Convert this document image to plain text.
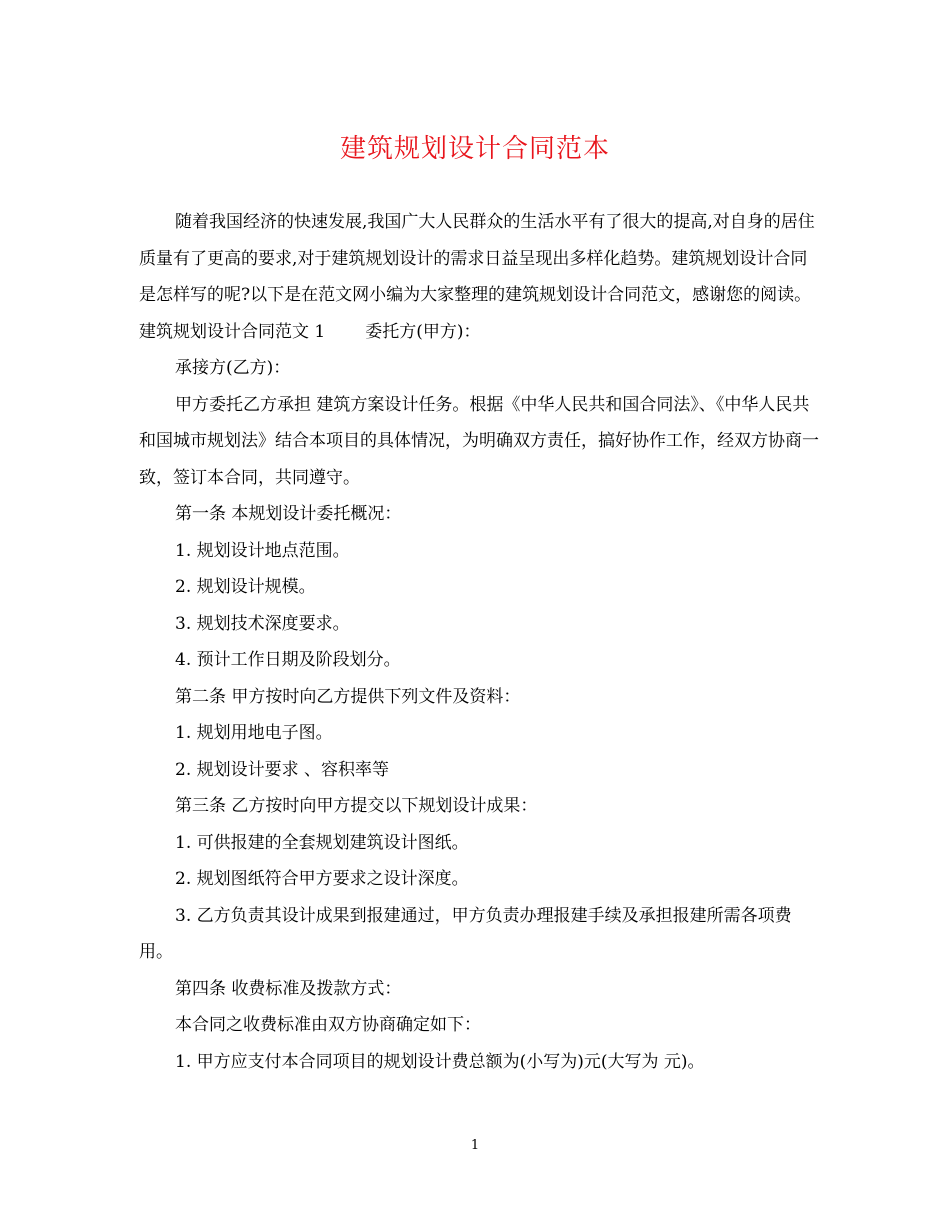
建筑规划设计合同范本

随着我国经济的快速发展,我国广大人民群众的生活水平有了很大的提高,对自身的居住质量有了更高的要求,对于建筑规划设计的需求日益呈现出多样化趋势。建筑规划设计合同是怎样写的呢?以下是在范文网小编为大家整理的建筑规划设计合同范文，感谢您的阅读。

建筑规划设计合同范文 1 委托方(甲方)：

承接方(乙方)：

甲方委托乙方承担 建筑方案设计任务。根据《中华人民共和国合同法》、《中华人民共和国城市规划法》结合本项目的具体情况，为明确双方责任，搞好协作工作，经双方协商一致，签订本合同，共同遵守。

第一条 本规划设计委托概况：

1. 规划设计地点范围。

2. 规划设计规模。

3. 规划技术深度要求。

4. 预计工作日期及阶段划分。

第二条 甲方按时向乙方提供下列文件及资料：

1. 规划用地电子图。

2. 规划设计要求 、容积率等

第三条 乙方按时向甲方提交以下规划设计成果：

1. 可供报建的全套规划建筑设计图纸。

2. 规划图纸符合甲方要求之设计深度。

3. 乙方负责其设计成果到报建通过，甲方负责办理报建手续及承担报建所需各项费用。

第四条 收费标准及拨款方式：

本合同之收费标准由双方协商确定如下：

1. 甲方应支付本合同项目的规划设计费总额为(小写为)元(大写为 元)。

1
